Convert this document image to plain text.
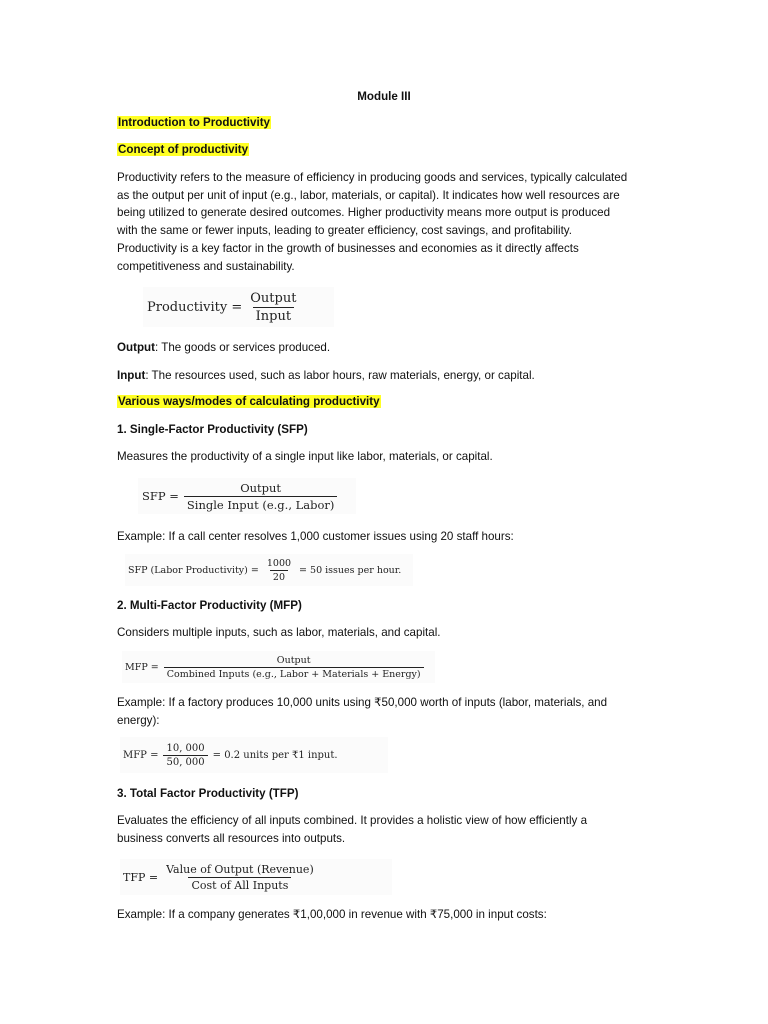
Module III
Introduction to Productivity
Concept of productivity
Productivity refers to the measure of efficiency in producing goods and services, typically calculated
as the output per unit of input (e.g., labor, materials, or capital). It indicates how well resources are
being utilized to generate desired outcomes. Higher productivity means more output is produced
with the same or fewer inputs, leading to greater efficiency, cost savings, and profitability.
Productivity is a key factor in the growth of businesses and economies as it directly affects
competitiveness and sustainability.
Productivity = $\frac{\text{Output}}{\text{Input}}$
Output: The goods or services produced.
Input: The resources used, such as labor hours, raw materials, energy, or capital.
Various ways/modes of calculating productivity
1. Single-Factor Productivity (SFP)
Measures the productivity of a single input like labor, materials, or capital.
SFP = $\frac{\text{Output}}{\text{Single Input (e.g., Labor)}}$
Example: If a call center resolves 1,000 customer issues using 20 staff hours:
SFP (Labor Productivity) = $\frac{1000}{20} = 50$ issues per hour.
2. Multi-Factor Productivity (MFP)
Considers multiple inputs, such as labor, materials, and capital.
MFP = $\frac{\text{Output}}{\text{Combined Inputs (e.g., Labor + Materials + Energy)}}$
Example: If a factory produces 10,000 units using ₹50,000 worth of inputs (labor, materials, and
energy):
MFP = $\frac{10, 000}{50, 000} = 0.2$ units per ₹1 input.
3. Total Factor Productivity (TFP)
Evaluates the efficiency of all inputs combined. It provides a holistic view of how efficiently a
business converts all resources into outputs.
TFP = $\frac{\text{Value of Output (Revenue)}}{\text{Cost of All Inputs}}$
Example: If a company generates ₹1,00,000 in revenue with ₹75,000 in input costs:
